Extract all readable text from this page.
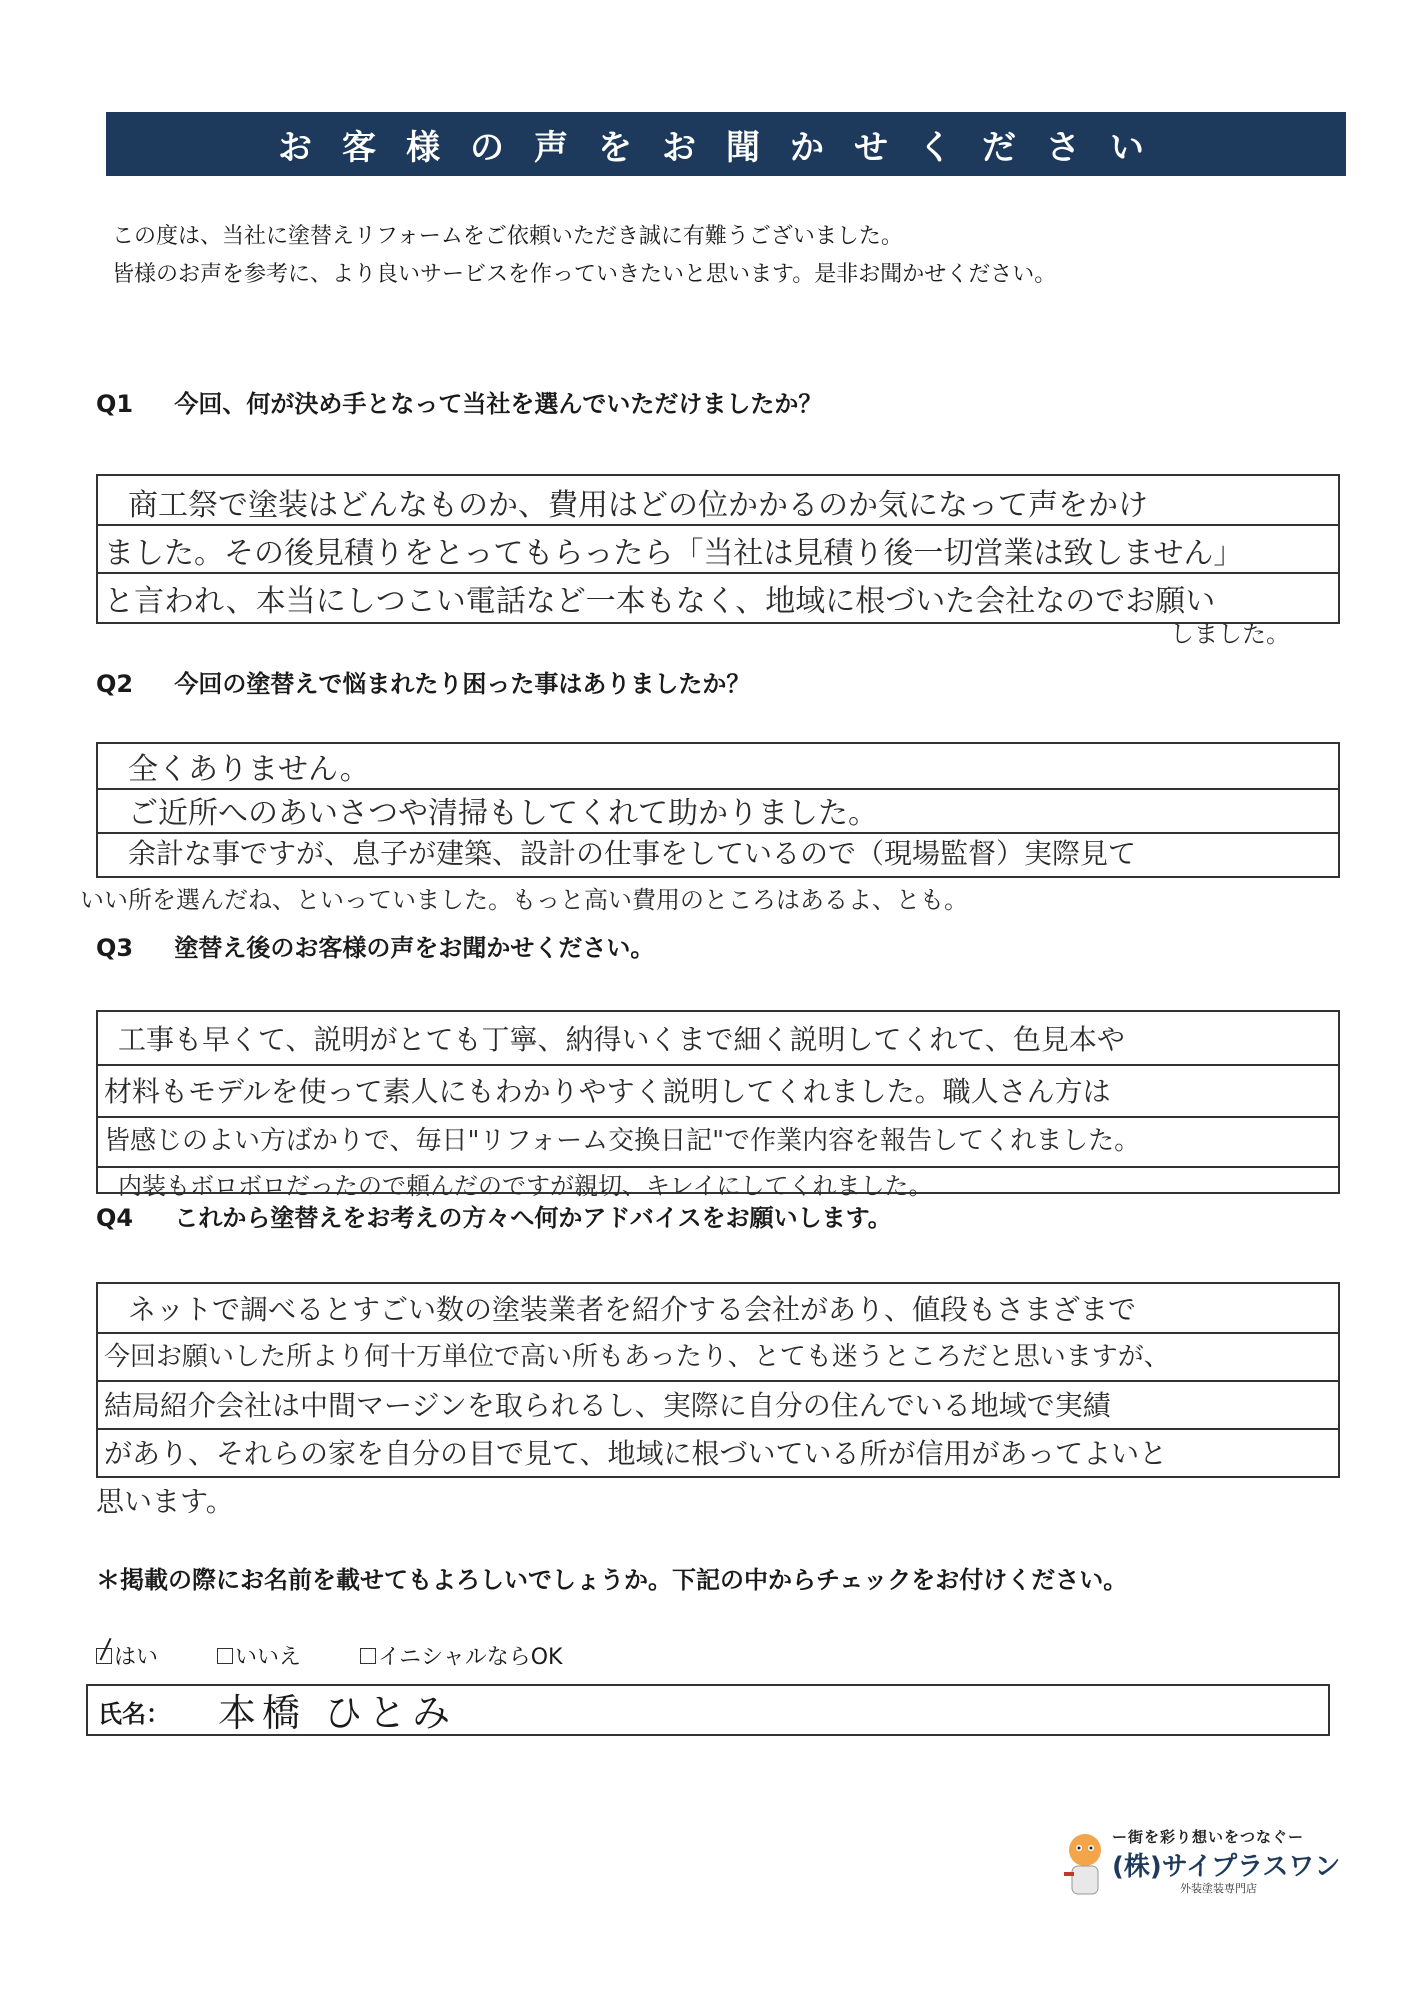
お客様の声をお聞かせください
この度は、当社に塗替えリフォームをご依頼いただき誠に有難うございました。
皆様のお声を参考に、より良いサービスを作っていきたいと思います。是非お聞かせください。
Q1 今回、何が決め手となって当社を選んでいただけましたか？
商工祭で塗装はどんなものか、費用はどの位かかるのか気になって声をかけ
ました。その後見積りをとってもらったら「当社は見積り後一切営業は致しません」
と言われ、本当にしつこい電話など一本もなく、地域に根づいた会社なのでお願い
しました。
Q2 今回の塗替えで悩まれたり困った事はありましたか？
全くありません。
ご近所へのあいさつや清掃もしてくれて助かりました。
余計な事ですが、息子が建築、設計の仕事をしているので（現場監督）実際見て
いい所を選んだね、といっていました。もっと高い費用のところはあるよ、とも。
Q3 塗替え後のお客様の声をお聞かせください。
工事も早くて、説明がとても丁寧、納得いくまで細く説明してくれて、色見本や
材料もモデルを使って素人にもわかりやすく説明してくれました。職人さん方は
皆感じのよい方ばかりで、毎日"リフォーム交換日記"で作業内容を報告してくれました。
内装もボロボロだったので頼んだのですが親切、キレイにしてくれました。
Q4 これから塗替えをお考えの方々へ何かアドバイスをお願いします。
ネットで調べるとすごい数の塗装業者を紹介する会社があり、値段もさまざまで
今回お願いした所より何十万単位で高い所もあったり、とても迷うところだと思いますが、
結局紹介会社は中間マージンを取られるし、実際に自分の住んでいる地域で実績
があり、それらの家を自分の目で見て、地域に根づいている所が信用があってよいと
思います。
＊掲載の際にお名前を載せてもよろしいでしょうか。下記の中からチェックをお付けください。
はい	いいえ	イニシャルならOK
氏名： 本橋 ひとみ
ー街を彩り想いをつなぐー
(株)サイプラスワン
外装塗装専門店
